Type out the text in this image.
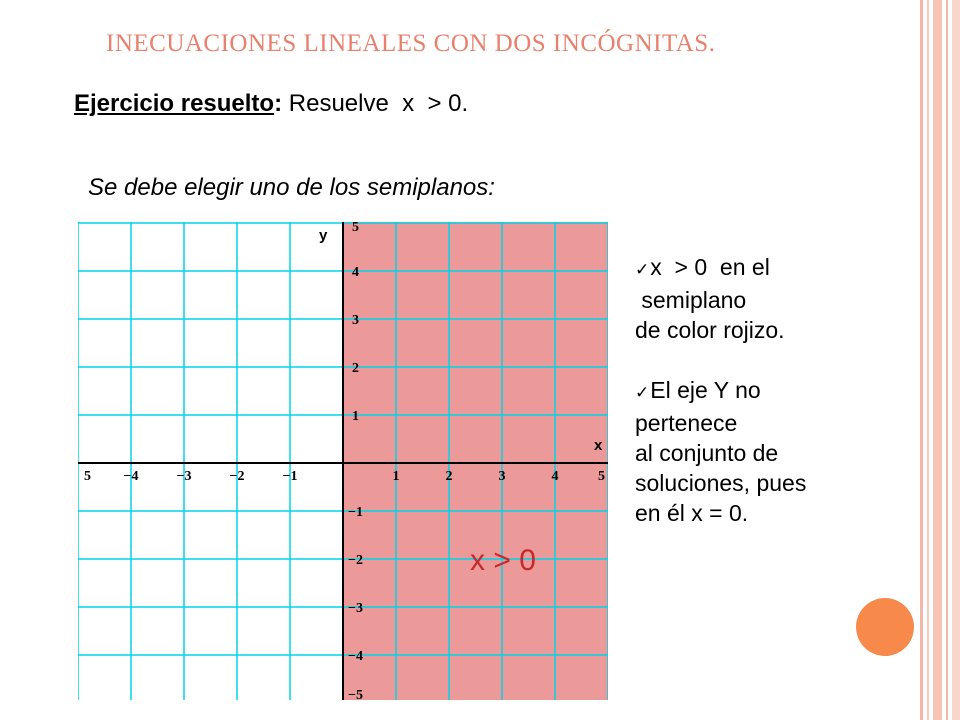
INECUACIONES LINEALES CON DOS INCÓGNITAS.
Ejercicio resuelto: Resuelve  x  > 0.
Se debe elegir uno de los semiplanos:
y
x
5 −4	−3	−2	−1	1	2	3	4	5
5
4
3
2
1
−1
−2
−3
−4
−5
x > 0

✓x  > 0  en el

semiplano

de color rojizo.

✓El eje Y no

pertenece

al conjunto de

soluciones, pues

en él x = 0.
